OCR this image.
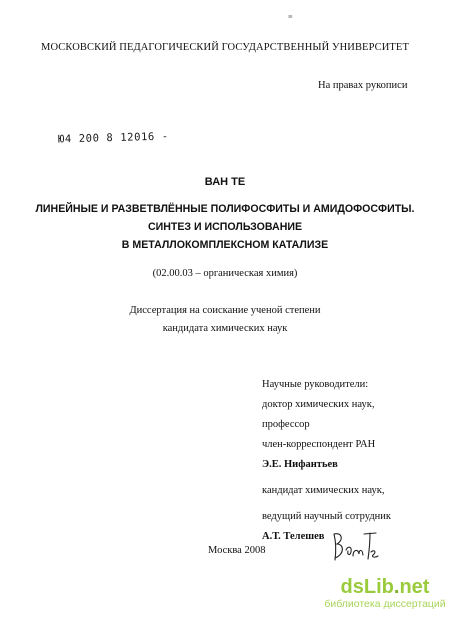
≡
МОСКОВСКИЙ ПЕДАГОГИЧЕСКИЙ ГОСУДАРСТВЕННЫЙ УНИВЕРСИТЕТ
На правах рукописи
Ю4 200 8 12016 -
ВАН ТЕ
ЛИНЕЙНЫЕ И РАЗВЕТВЛЁННЫЕ ПОЛИФОСФИТЫ И АМИДОФОСФИТЫ.
СИНТЕЗ И ИСПОЛЬЗОВАНИЕ
В МЕТАЛЛОКОМПЛЕКСНОМ КАТАЛИЗЕ
(02.00.03 – органическая химия)
Диссертация на соискание ученой степени
кандидата химических наук
Научные руководители:
доктор химических наук,
профессор
член-корреспондент РАН
Э.Е. Нифантьев
кандидат химических наук,
ведущий научный сотрудник
А.Т. Телешев
Москва 2008
dsLib.net
библиотека диссертаций
